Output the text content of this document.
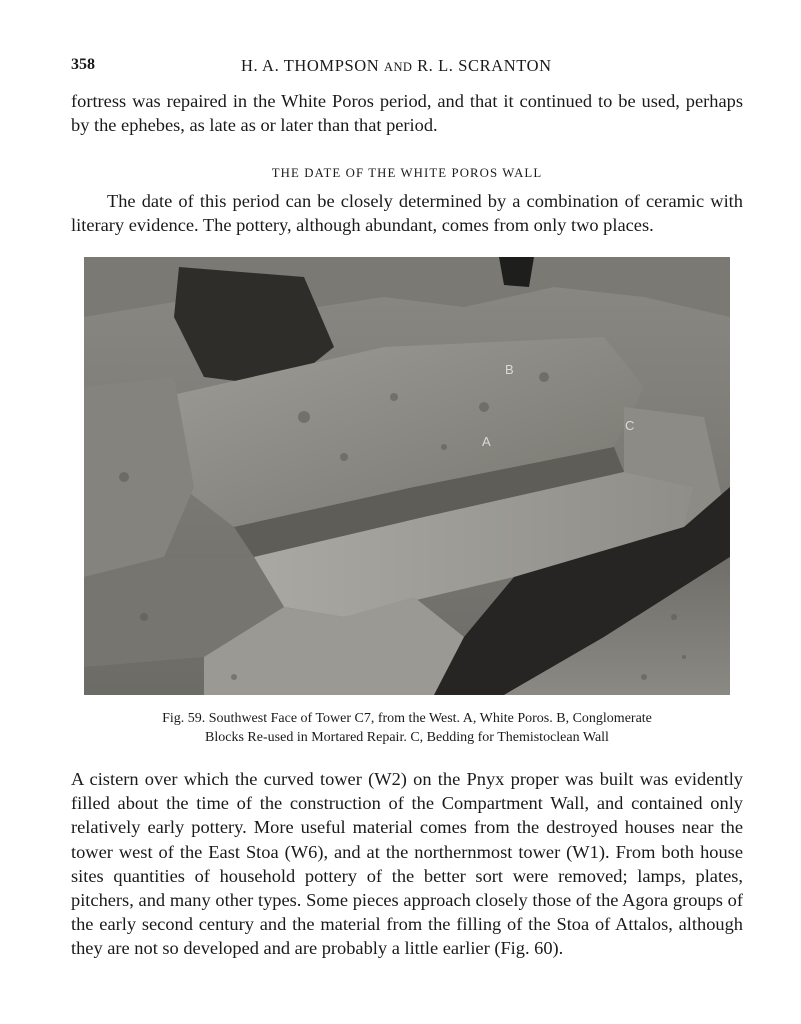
358	H. A. THOMPSON AND R. L. SCRANTON

fortress was repaired in the White Poros period, and that it continued to be used, perhaps by the ephebes, as late as or later than that period.

THE DATE OF THE WHITE POROS WALL

The date of this period can be closely determined by a combination of ceramic with literary evidence. The pottery, although abundant, comes from only two places.

B
A
C
Fig. 59. Southwest Face of Tower C7, from the West. A, White Poros. B, Conglomerate
Blocks Re-used in Mortared Repair. C, Bedding for Themistoclean Wall

A cistern over which the curved tower (W2) on the Pnyx proper was built was evidently filled about the time of the construction of the Compartment Wall, and contained only relatively early pottery. More useful material comes from the destroyed houses near the tower west of the East Stoa (W6), and at the northernmost tower (W1). From both house sites quantities of household pottery of the better sort were removed; lamps, plates, pitchers, and many other types. Some pieces approach closely those of the Agora groups of the early second century and the material from the filling of the Stoa of Attalos, although they are not so developed and are probably a little earlier (Fig. 60).
